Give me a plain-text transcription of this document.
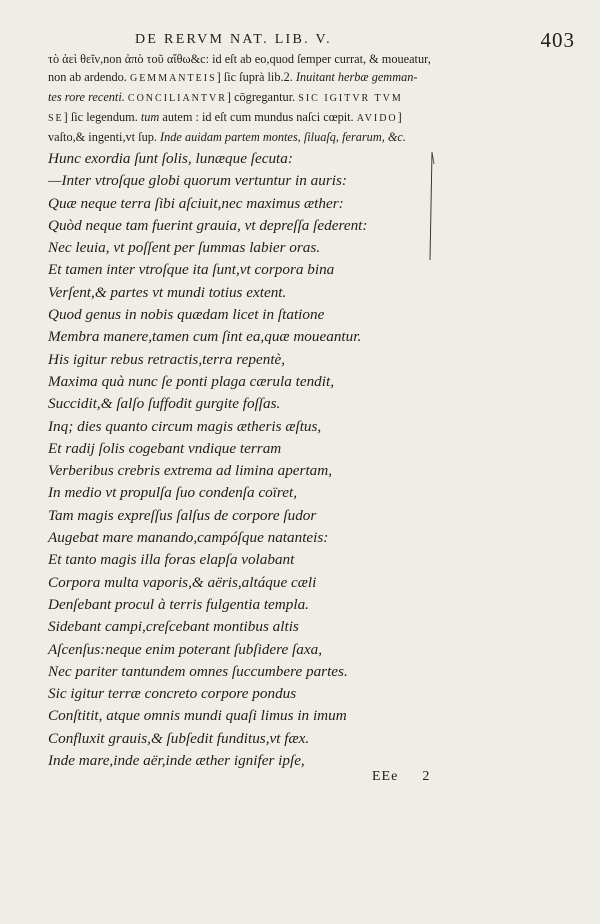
DE RERVM NAT. LIB. V.	403
τὸ ἀεὶ θεῖν,non ἀπὸ τοῦ αἴθω&c: id eſt ab eo,quod ſemper currat, & moueatur,
non ab ardendo. GEMMANTEIS] ſic ſuprà lib.2. Inuitant herbæ gemman-
tes rore recenti. CONCILIANTVR] cōgregantur. SIC IGITVR TVM
SE] ſic legendum. tum autem : id eſt cum mundus naſci cœpit. AVIDO]
vaſto,& ingenti,vt ſup. Inde auidam partem montes, ſiluaſq, ferarum, &c.
Hunc exordia ſunt ſolis, lunæque ſecuta:
—Inter vtroſque globi quorum vertuntur in auris:
Quæ neque terra ſibi aſciuit,nec maximus æther:
Quòd neque tam fuerint grauia, vt depreſſa ſederent:
Nec leuia, vt poſſent per ſummas labier oras.
Et tamen inter vtroſque ita ſunt,vt corpora bina
Verſent,& partes vt mundi totius extent.
Quod genus in nobis quædam licet in ſtatione
Membra manere,tamen cum ſint ea,quæ moueantur.
His igitur rebus retractis,terra repentè,
Maxima quà nunc ſe ponti plaga cærula tendit,
Succidit,& ſalſo ſuffodit gurgite foſſas.
Inq; dies quanto circum magis ætheris æſtus,
Et radij ſolis cogebant vndique terram
Verberibus crebris extrema ad limina apertam,
In medio vt propulſa ſuo condenſa coïret,
Tam magis expreſſus ſalſus de corpore ſudor
Augebat mare manando,campóſque natanteis:
Et tanto magis illa foras elapſa volabant
Corpora multa vaporis,& aëris,altáque cæli
Denſebant procul à terris fulgentia templa.
Sidebant campi,creſcebant montibus altis
Aſcenſus:neque enim poterant ſubſidere ſaxa,
Nec pariter tantundem omnes ſuccumbere partes.
Sic igitur terræ concreto corpore pondus
Conſtitit, atque omnis mundi quaſi limus in imum
Confluxit grauis,& ſubſedit funditus,vt fæx.
Inde mare,inde aër,inde æther ignifer ipſe,
EEe 2
